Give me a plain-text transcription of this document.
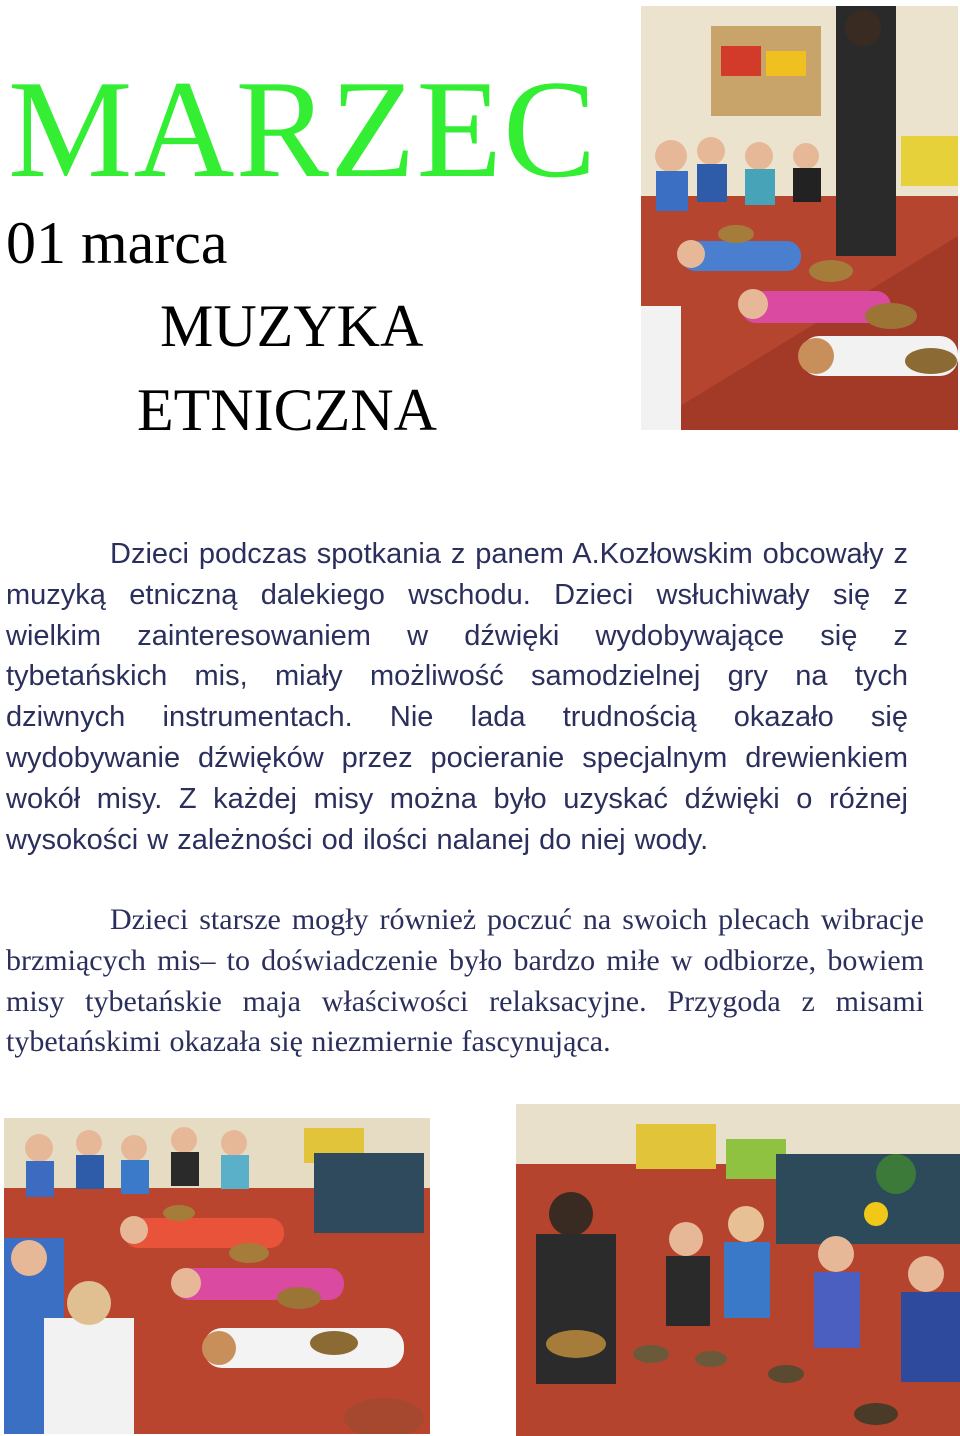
MARZEC
01 marca
MUZYKA
ETNICZNA

Dzieci podczas spotkania z panem A.Kozłowskim obcowały z muzyką etniczną dalekiego wschodu. Dzieci wsłuchiwały się z wielkim zainteresowaniem w dźwięki wydobywające się z tybetańskich mis, miały możliwość samodzielnej gry na tych dziwnych instrumentach. Nie lada trudnością okazało się wydobywanie dźwięków przez pocieranie specjalnym drewienkiem wokół misy. Z każdej misy można było uzyskać dźwięki o różnej wysokości w zależności od ilości nalanej do niej wody.

Dzieci starsze mogły również poczuć na swoich plecach wibracje brzmiących mis– to doświadczenie było bardzo miłe w odbiorze, bowiem misy tybetańskie maja właściwości relaksacyjne. Przygoda z misami tybetańskimi okazała się niezmiernie fascynująca.
